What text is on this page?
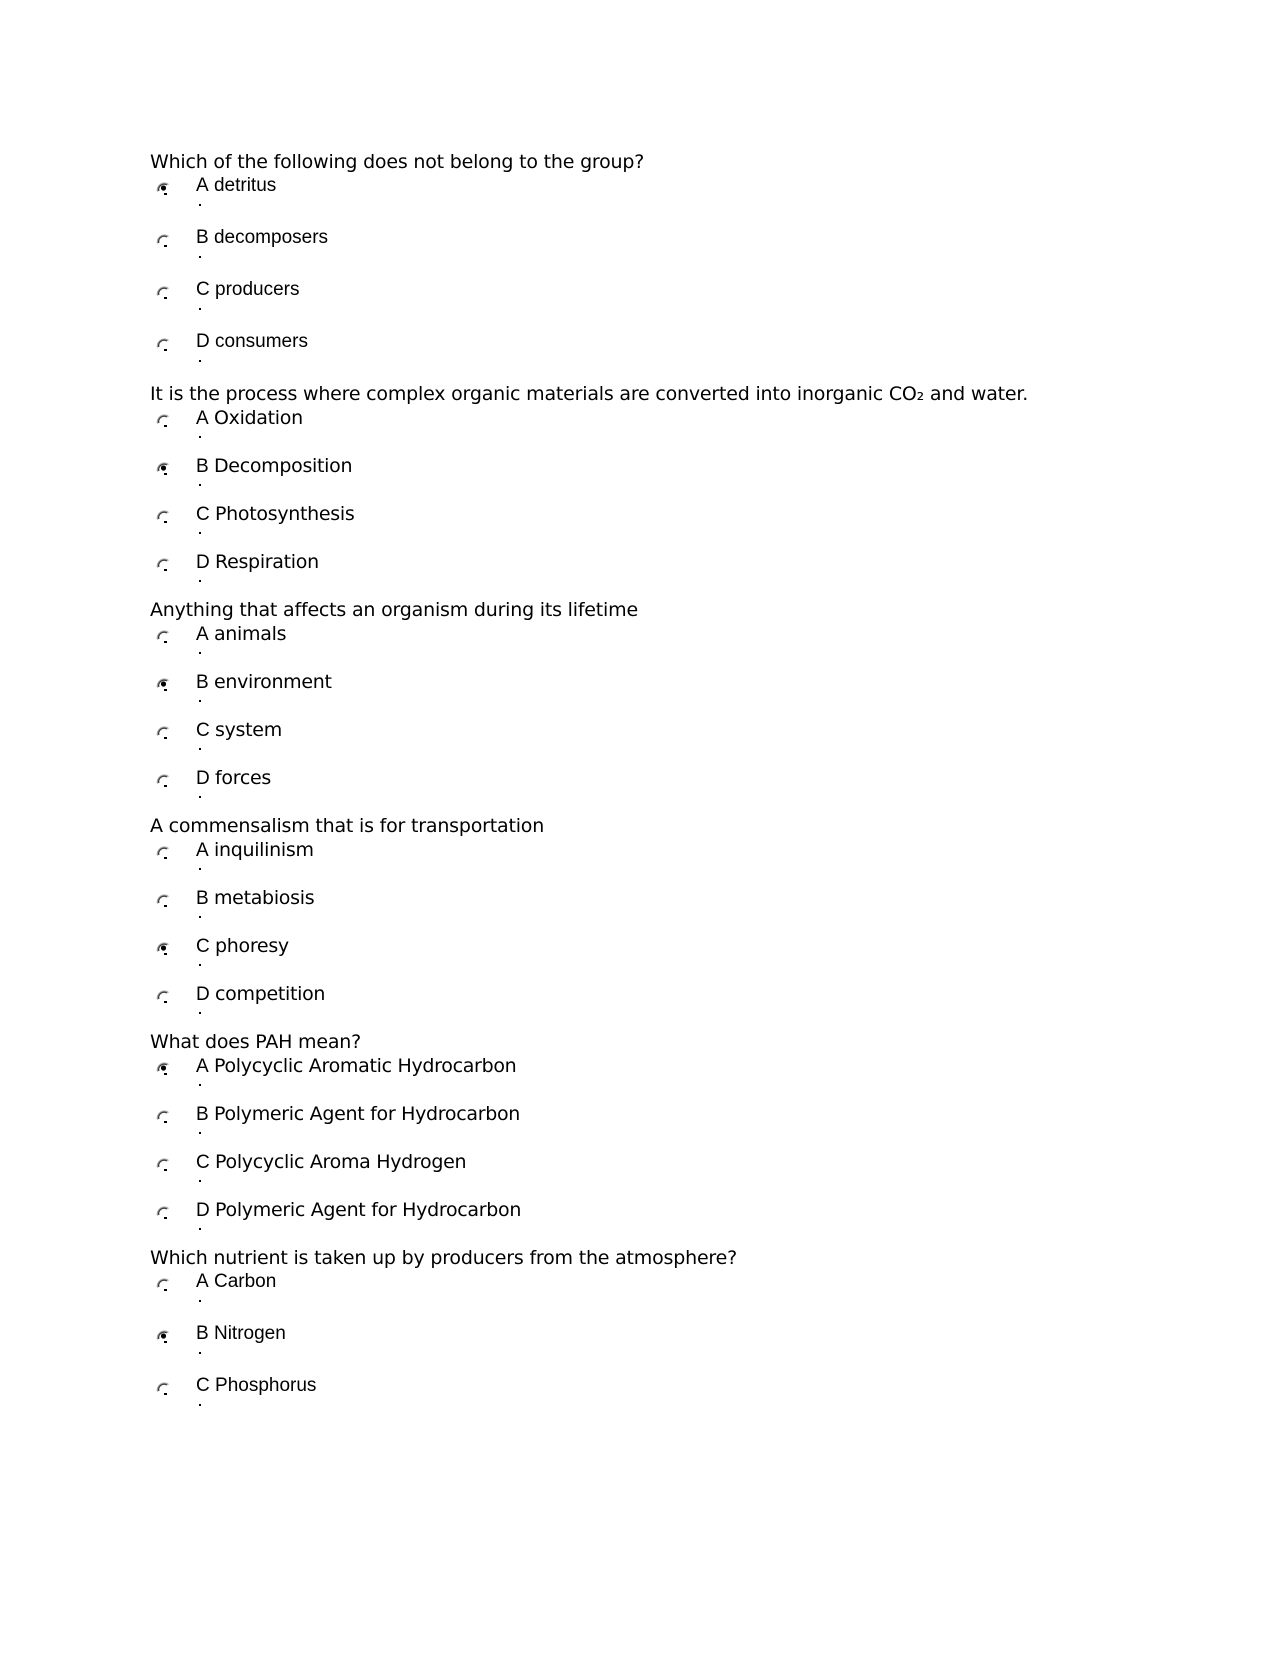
Which of the following does not belong to the group?

A detritus
B decomposers
C producers
D consumers

It is the process where complex organic materials are converted into inorganic CO₂ and water.

A Oxidation
B Decomposition
C Photosynthesis
D Respiration

Anything that affects an organism during its lifetime

A animals
B environment
C system
D forces

A commensalism that is for transportation

A inquilinism
B metabiosis
C phoresy
D competition

What does PAH mean?

A Polycyclic Aromatic Hydrocarbon
B Polymeric Agent for Hydrocarbon
C Polycyclic Aroma Hydrogen
D Polymeric Agent for Hydrocarbon

Which nutrient is taken up by producers from the atmosphere?

A Carbon
B Nitrogen
C Phosphorus
